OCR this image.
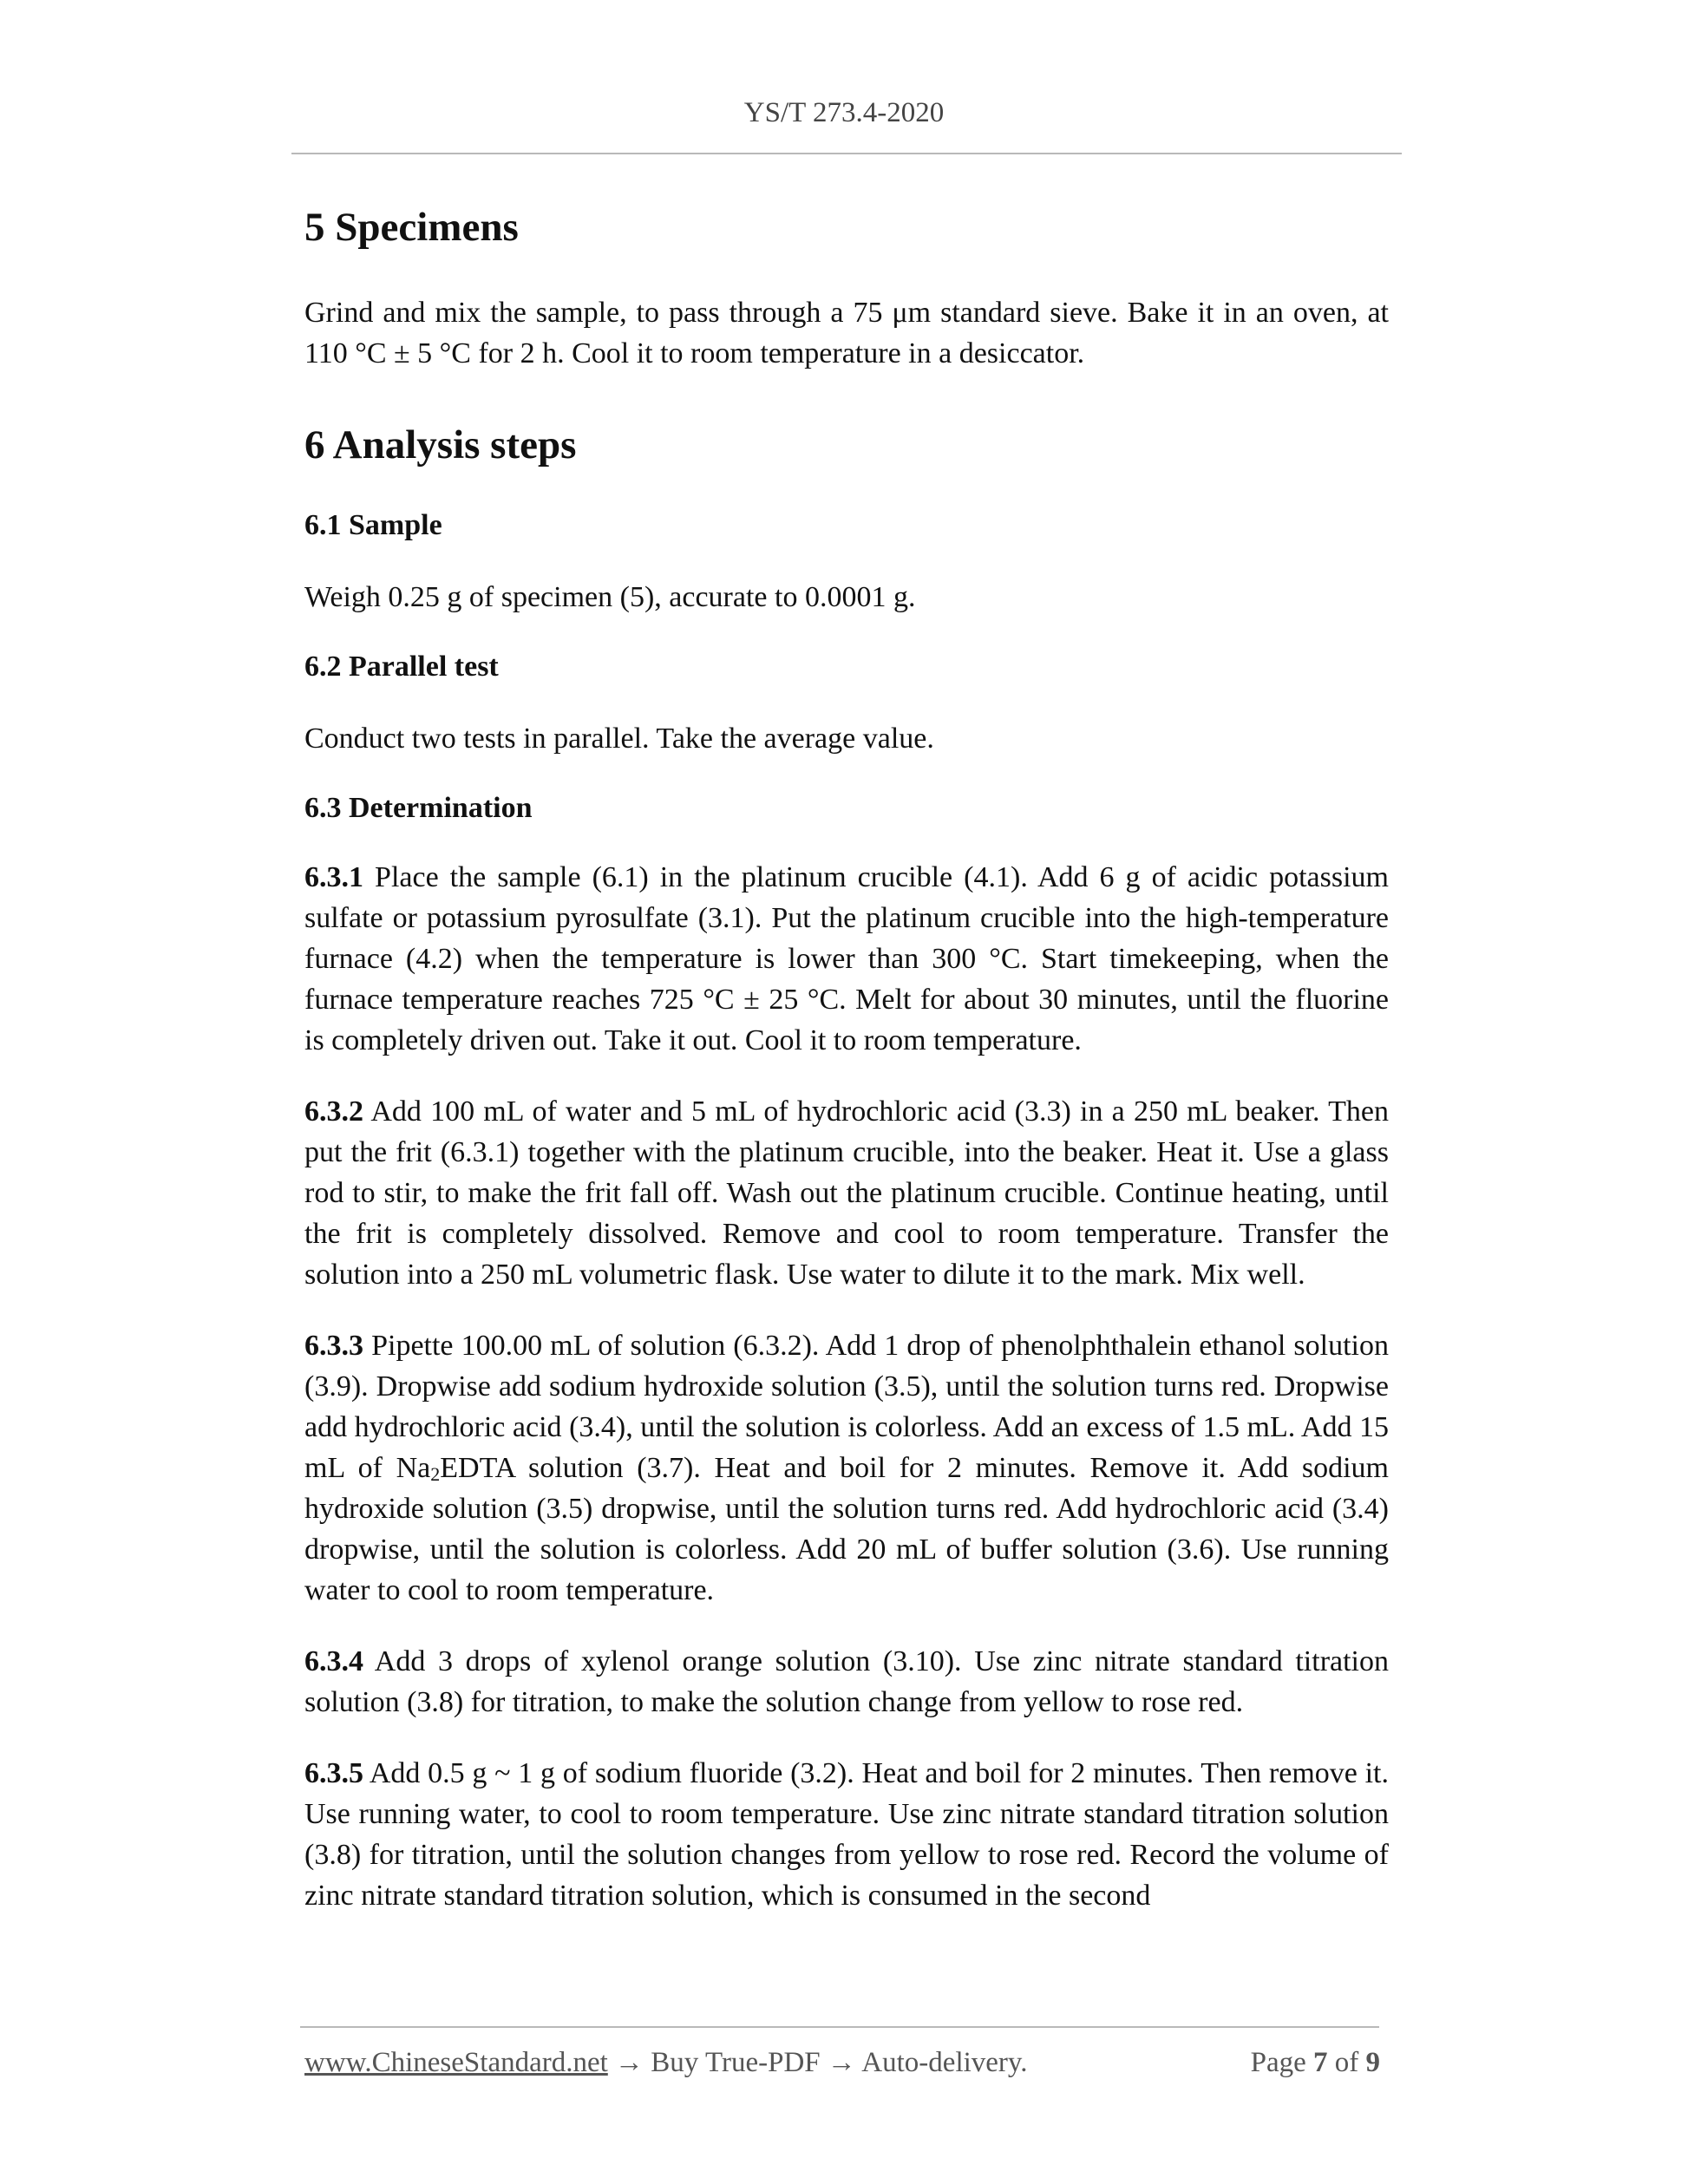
YS/T 273.4-2020
5 Specimens

Grind and mix the sample, to pass through a 75 μm standard sieve. Bake it in an oven, at 110 °C ± 5 °C for 2 h. Cool it to room temperature in a desiccator.

6 Analysis steps
6.1 Sample

Weigh 0.25 g of specimen (5), accurate to 0.0001 g.

6.2 Parallel test

Conduct two tests in parallel. Take the average value.

6.3 Determination

6.3.1 Place the sample (6.1) in the platinum crucible (4.1). Add 6 g of acidic potassium sulfate or potassium pyrosulfate (3.1). Put the platinum crucible into the high-temperature furnace (4.2) when the temperature is lower than 300 °C. Start timekeeping, when the furnace temperature reaches 725 °C ± 25 °C. Melt for about 30 minutes, until the fluorine is completely driven out. Take it out. Cool it to room temperature.

6.3.2 Add 100 mL of water and 5 mL of hydrochloric acid (3.3) in a 250 mL beaker. Then put the frit (6.3.1) together with the platinum crucible, into the beaker. Heat it. Use a glass rod to stir, to make the frit fall off. Wash out the platinum crucible. Continue heating, until the frit is completely dissolved. Remove and cool to room temperature. Transfer the solution into a 250 mL volumetric flask. Use water to dilute it to the mark. Mix well.

6.3.3 Pipette 100.00 mL of solution (6.3.2). Add 1 drop of phenolphthalein ethanol solution (3.9). Dropwise add sodium hydroxide solution (3.5), until the solution turns red. Dropwise add hydrochloric acid (3.4), until the solution is colorless. Add an excess of 1.5 mL. Add 15 mL of $Na_2EDTA$ solution (3.7). Heat and boil for 2 minutes. Remove it. Add sodium hydroxide solution (3.5) dropwise, until the solution turns red. Add hydrochloric acid (3.4) dropwise, until the solution is colorless. Add 20 mL of buffer solution (3.6). Use running water to cool to room temperature.

6.3.4 Add 3 drops of xylenol orange solution (3.10). Use zinc nitrate standard titration solution (3.8) for titration, to make the solution change from yellow to rose red.

6.3.5 Add 0.5 g ~ 1 g of sodium fluoride (3.2). Heat and boil for 2 minutes. Then remove it. Use running water, to cool to room temperature. Use zinc nitrate standard titration solution (3.8) for titration, until the solution changes from yellow to rose red. Record the volume of zinc nitrate standard titration solution, which is consumed in the second

www.ChineseStandard.net → Buy True-PDF → Auto-delivery.	Page 7 of 9
